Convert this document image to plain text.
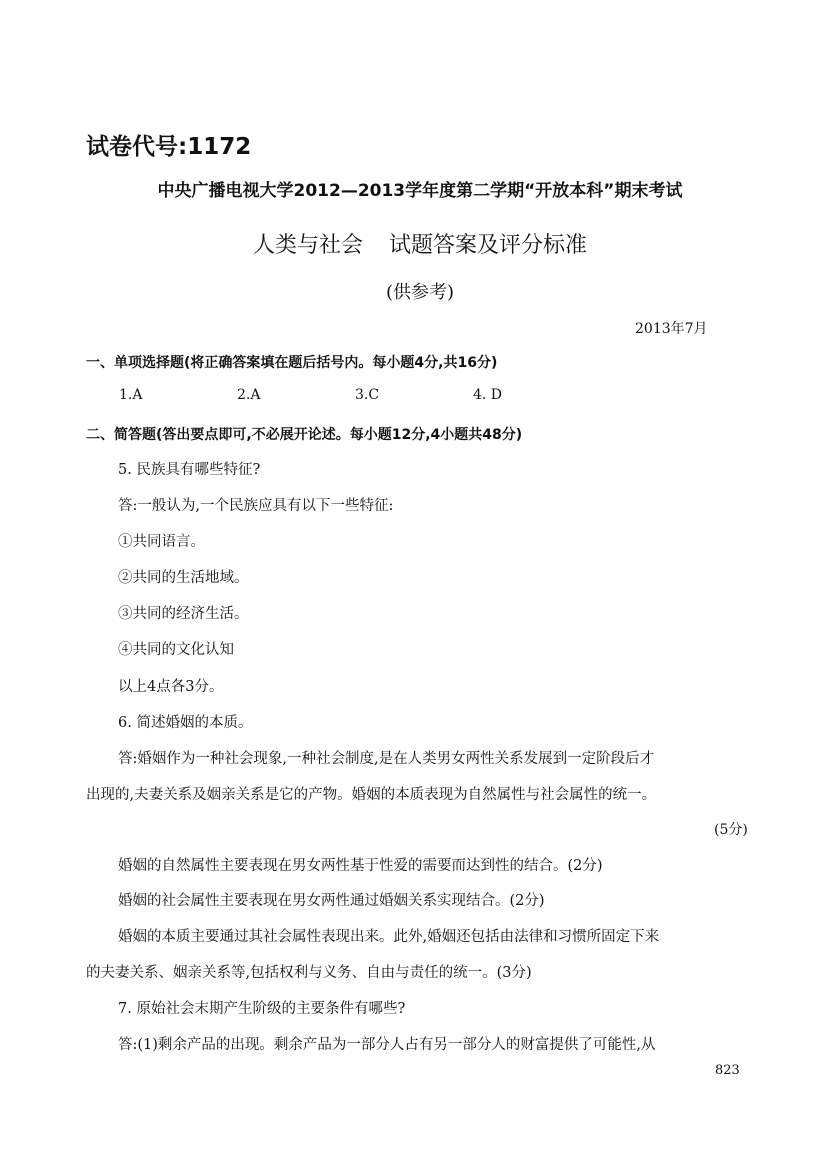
试卷代号:1172
中央广播电视大学2012—2013学年度第二学期“开放本科”期末考试
人类与社会 试题答案及评分标准
(供参考)
2013年7月
一、单项选择题(将正确答案填在题后括号内。每小题4分,共16分)
1.A	2.A	3.C	4. D
二、简答题(答出要点即可,不必展开论述。每小题12分,4小题共48分)
5. 民族具有哪些特征?
答:一般认为,一个民族应具有以下一些特征:
①共同语言。
②共同的生活地域。
③共同的经济生活。
④共同的文化认知
以上4点各3分。
6. 简述婚姻的本质。
答:婚姻作为一种社会现象,一种社会制度,是在人类男女两性关系发展到一定阶段后才
出现的,夫妻关系及姻亲关系是它的产物。婚姻的本质表现为自然属性与社会属性的统一。
(5分)
婚姻的自然属性主要表现在男女两性基于性爱的需要而达到性的结合。(2分)
婚姻的社会属性主要表现在男女两性通过婚姻关系实现结合。(2分)
婚姻的本质主要通过其社会属性表现出来。此外,婚姻还包括由法律和习惯所固定下来
的夫妻关系、姻亲关系等,包括权利与义务、自由与责任的统一。(3分)
7. 原始社会末期产生阶级的主要条件有哪些?
答:(1)剩余产品的出现。剩余产品为一部分人占有另一部分人的财富提供了可能性,从
823
